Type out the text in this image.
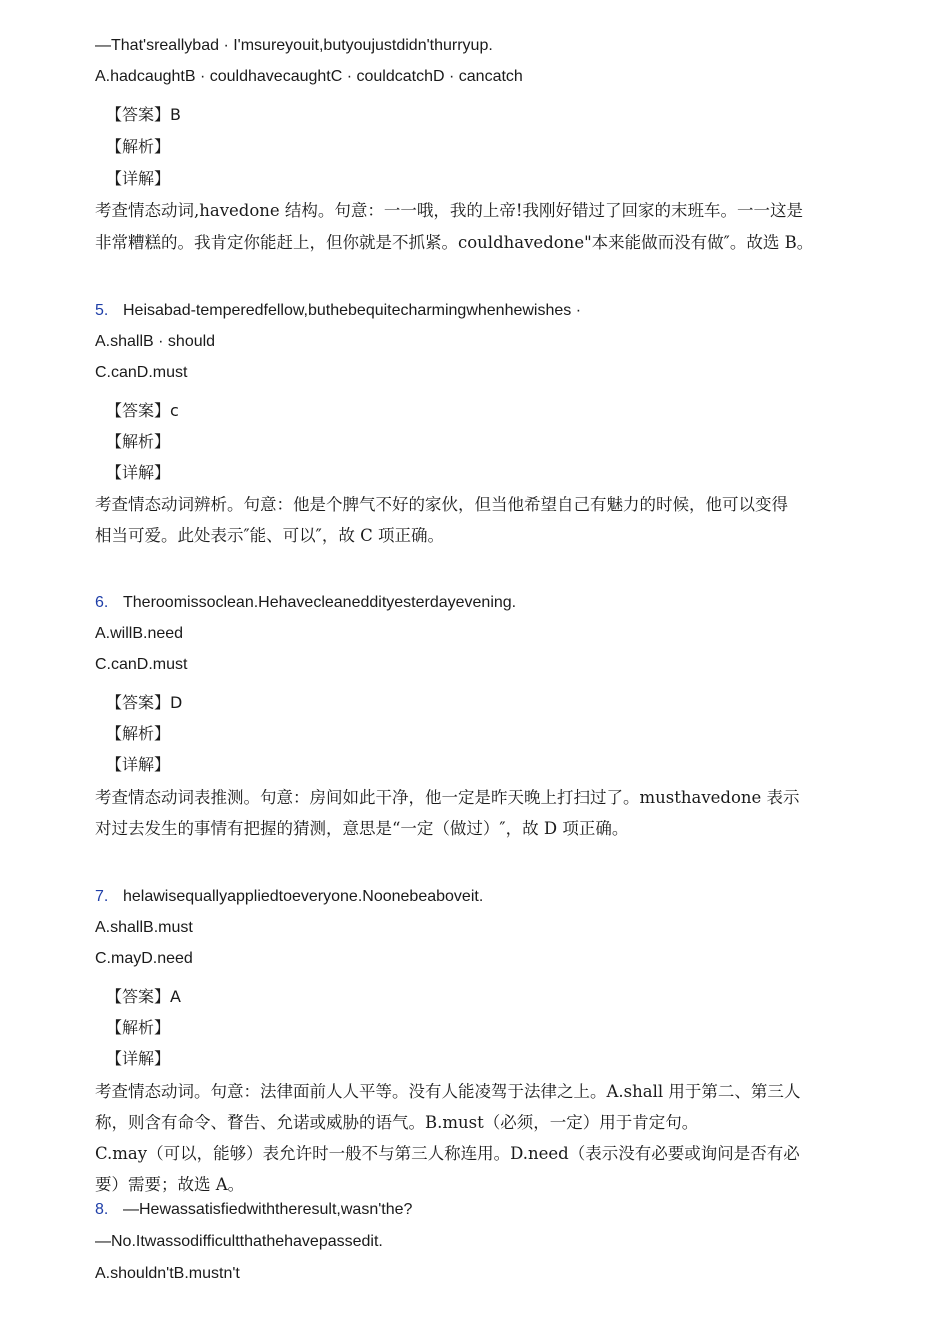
—That'sreallybad · I'msureyouit,butyoujustdidn'thurryup.
A.hadcaughtB · couldhavecaughtC · couldcatchD · cancatch
【答案】B
【解析】
【详解】
考查情态动词,havedone 结构。句意：一一哦，我的上帝!我刚好错过了回家的末班车。一一这是
非常糟糕的。我肯定你能赶上，但你就是不抓紧。couldhavedone"本来能做而没有做″。故选 B。
5. Heisabad-temperedfellow,buthebequitecharmingwhenhewishes ·
A.shallB · should
C.canD.must
【答案】c
【解析】
【详解】
考查情态动词辨析。句意：他是个脾气不好的家伙，但当他希望自己有魅力的时候，他可以变得
相当可爱。此处表示″能、可以″，故 C 项正确。
6. Theroomissoclean.Hehavecleaneddityesterdayevening.
A.willB.need
C.canD.must
【答案】D
【解析】
【详解】
考查情态动词表推测。句意：房间如此干净，他一定是昨天晚上打扫过了。musthavedone 表示
对过去发生的事情有把握的猜测，意思是“一定（做过）″，故 D 项正确。
7. helawisequallyappliedtoeveryone.Noonebeaboveit.
A.shallB.must
C.mayD.need
【答案】A
【解析】
【详解】
考查情态动词。句意：法律面前人人平等。没有人能凌驾于法律之上。A.shall 用于第二、第三人
称，则含有命令、瞀告、允诺或威胁的语气。B.must（必须，一定）用于肯定句。
C.may（可以，能够）表允许时一般不与第三人称连用。D.need（表示没有必要或询问是否有必
要）需要；故选 A。
8. —Hewassatisfiedwiththeresult,wasn'the?
—No.Itwassodifficultthathehavepassedit.
A.shouldn'tB.mustn't
